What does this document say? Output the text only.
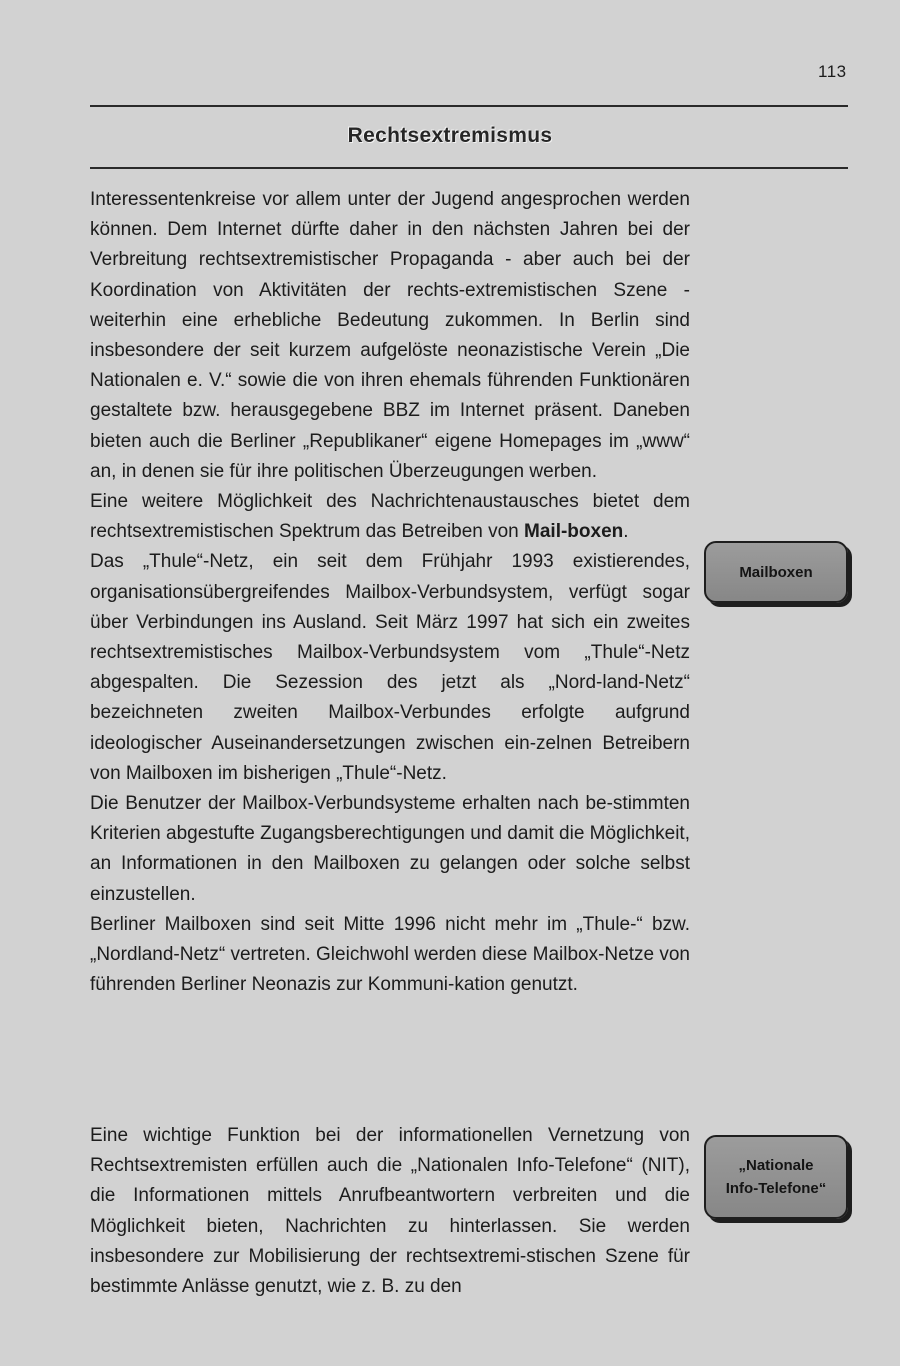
113
Rechtsextremismus

Interessentenkreise vor allem unter der Jugend angesprochen werden können. Dem Internet dürfte daher in den nächsten Jahren bei der Verbreitung rechtsextremistischer Propaganda - aber auch bei der Koordination von Aktivitäten der rechts-extremistischen Szene - weiterhin eine erhebliche Bedeutung zukommen. In Berlin sind insbesondere der seit kurzem aufgelöste neonazistische Verein „Die Nationalen e. V.“ sowie die von ihren ehemals führenden Funktionären gestaltete bzw. herausgegebene BBZ im Internet präsent. Daneben bieten auch die Berliner „Republikaner“ eigene Homepages im „www“ an, in denen sie für ihre politischen Überzeugungen werben.

Eine weitere Möglichkeit des Nachrichtenaustausches bietet dem rechtsextremistischen Spektrum das Betreiben von Mail-boxen.

Das „Thule“-Netz, ein seit dem Frühjahr 1993 existierendes, organisationsübergreifendes Mailbox-Verbundsystem, verfügt sogar über Verbindungen ins Ausland. Seit März 1997 hat sich ein zweites rechtsextremistisches Mailbox-Verbundsystem vom „Thule“-Netz abgespalten. Die Sezession des jetzt als „Nord-land-Netz“ bezeichneten zweiten Mailbox-Verbundes erfolgte aufgrund ideologischer Auseinandersetzungen zwischen ein-zelnen Betreibern von Mailboxen im bisherigen „Thule“-Netz.

Die Benutzer der Mailbox-Verbundsysteme erhalten nach be-stimmten Kriterien abgestufte Zugangsberechtigungen und damit die Möglichkeit, an Informationen in den Mailboxen zu gelangen oder solche selbst einzustellen.

Berliner Mailboxen sind seit Mitte 1996 nicht mehr im „Thule-“ bzw. „Nordland-Netz“ vertreten. Gleichwohl werden diese Mailbox-Netze von führenden Berliner Neonazis zur Kommuni-kation genutzt.

Eine wichtige Funktion bei der informationellen Vernetzung von Rechtsextremisten erfüllen auch die „Nationalen Info-Telefone“ (NIT), die Informationen mittels Anrufbeantwortern verbreiten und die Möglichkeit bieten, Nachrichten zu hinterlassen. Sie werden insbesondere zur Mobilisierung der rechtsextremi-stischen Szene für bestimmte Anlässe genutzt, wie z. B. zu den

Mailboxen
„Nationale
Info-Telefone“
